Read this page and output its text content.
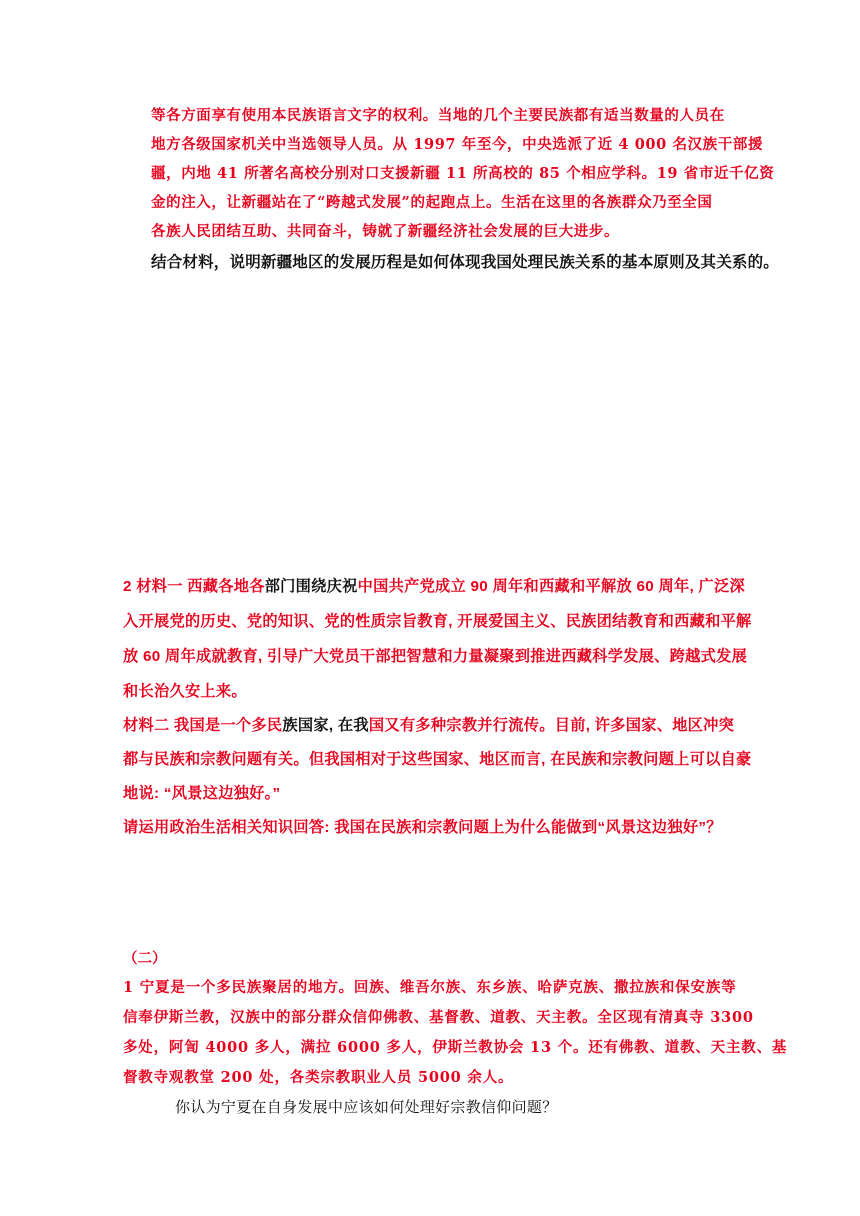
等各方面享有使用本民族语言文字的权利。当地的几个主要民族都有适当数量的人员在
地方各级国家机关中当选领导人员。从 1997 年至今，中央选派了近 4 000 名汉族干部援
疆，内地 41 所著名高校分别对口支援新疆 11 所高校的 85 个相应学科。19 省市近千亿资
金的注入，让新疆站在了“跨越式发展”的起跑点上。生活在这里的各族群众乃至全国
各族人民团结互助、共同奋斗，铸就了新疆经济社会发展的巨大进步。
结合材料，说明新疆地区的发展历程是如何体现我国处理民族关系的基本原则及其关系的。
2 材料一 西藏各地各部门围绕庆祝中国共产党成立 90 周年和西藏和平解放 60 周年, 广泛深
入开展党的历史、党的知识、党的性质宗旨教育, 开展爱国主义、民族团结教育和西藏和平解
放 60 周年成就教育, 引导广大党员干部把智慧和力量凝聚到推进西藏科学发展、跨越式发展
和长治久安上来。
材料二 我国是一个多民族国家, 在我国又有多种宗教并行流传。目前, 许多国家、地区冲突
都与民族和宗教问题有关。但我国相对于这些国家、地区而言, 在民族和宗教问题上可以自豪
地说: “风景这边独好。”
请运用政治生活相关知识回答: 我国在民族和宗教问题上为什么能做到“风景这边独好”？
（二）
1 宁夏是一个多民族聚居的地方。回族、维吾尔族、东乡族、哈萨克族、撒拉族和保安族等
信奉伊斯兰教，汉族中的部分群众信仰佛教、基督教、道教、天主教。全区现有清真寺 3300
多处，阿訇 4000 多人，满拉 6000 多人，伊斯兰教协会 13 个。还有佛教、道教、天主教、基
督教寺观教堂 200 处，各类宗教职业人员 5000 余人。
你认为宁夏在自身发展中应该如何处理好宗教信仰问题？
